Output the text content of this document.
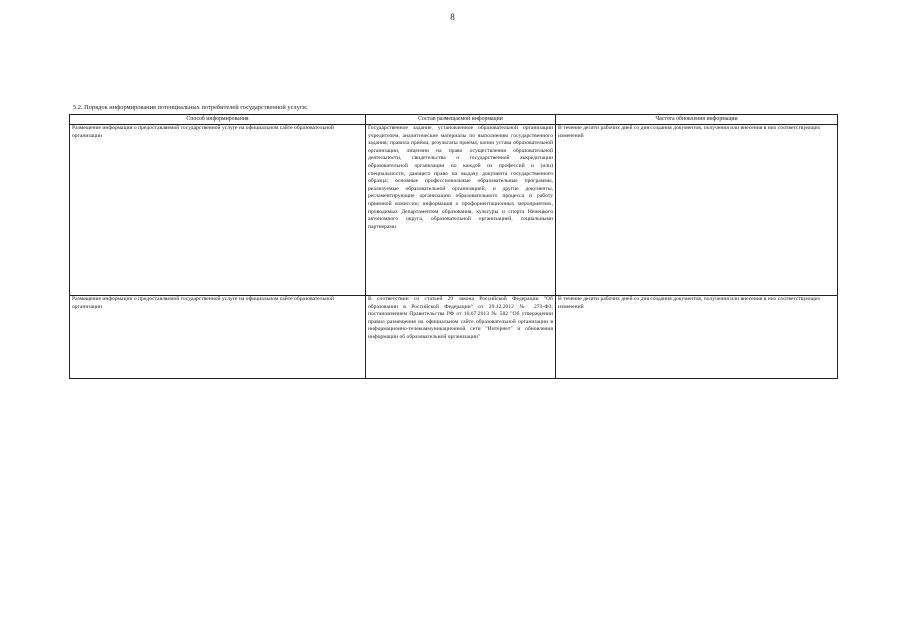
8
5.2. Порядок информирования потенциальных потребителей государственной услуги:
Способ информирования	Состав размещаемой информации	Частота обновления информации
Размещение информации о предоставляемой государственной услуге на официальном сайте образовательной организации	Государственное задание, установленное образовательной организации учредителем, аналитические материалы по выполнению государственного задания; правила приёма; результаты приёма; копии устава образовательной организации, лицензии на право осуществления образовательной деятельности, свидетельства о государственной аккредитации образовательной организации по каждой из профессий и (или) специальности, дающего право на выдачу документа государственного образца; основные профессиональные образовательные программы, реализуемые образовательной организацией, и другие документы, регламентирующие организацию образовательного процесса и работу приемной комиссии; информация о профориентационных мероприятиях, проводимых Департаментом образования, культуры и спорта Ненецкого автономного округа, образовательной организацией, социальными партнерами	В течение десяти рабочих дней со дня создания документов, получения или внесения в них соответствующих изменений
Размещение информации о предоставляемой государственной услуге на официальном сайте образовательной организации	В соответствии со статьей 29 закона Российской Федерации "Об образовании в Российской Федерации" от 29.12.2012 № 273-ФЗ; постановлением Правительства РФ от 10.07.2013 № 582 "Об утверждении правил размещения на официальном сайте образовательной организации в информационно-телекоммуникационной сети "Интернет" и обновления информации об образовательной организации"	В течение десяти рабочих дней со дня создания документов, получения или внесения в них соответствующих изменений
